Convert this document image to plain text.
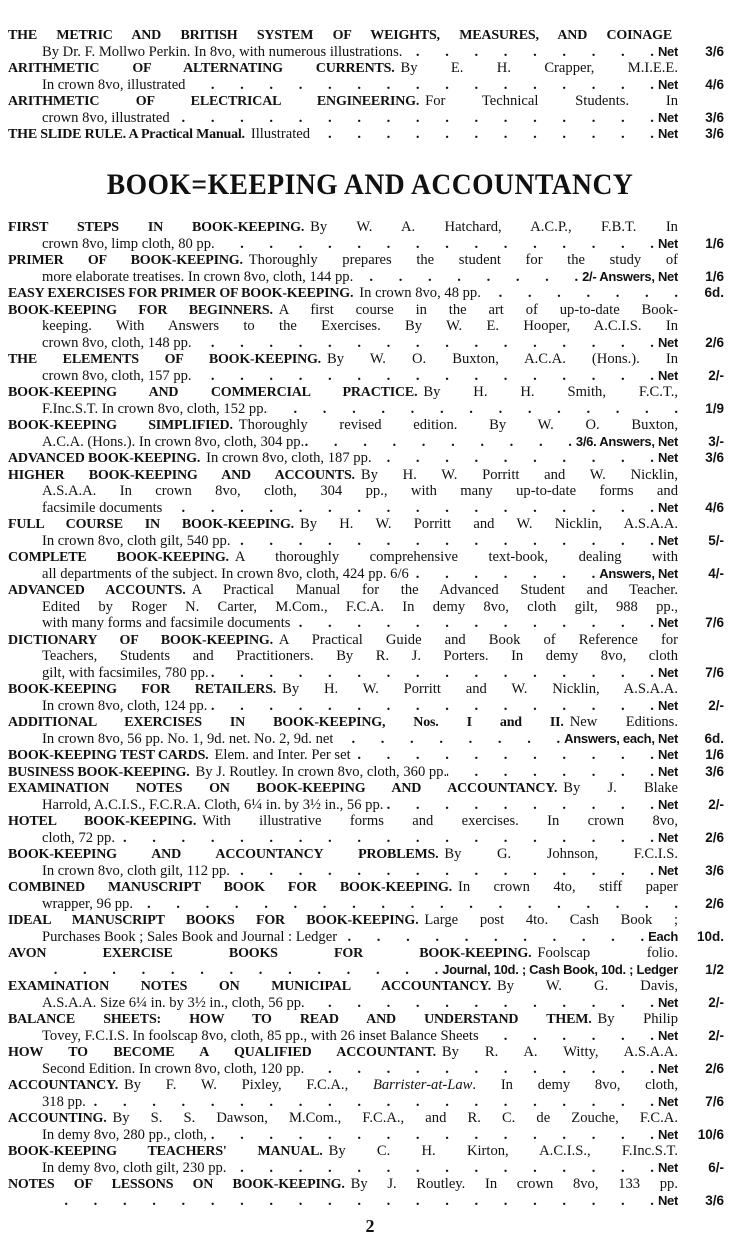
THE METRIC AND BRITISH SYSTEM OF WEIGHTS, MEASURES, AND COINAGE
By Dr. F. Mollwo Perkin. In 8vo, with numerous illustrations. . . .	Net	3/6
ARITHMETIC OF ALTERNATING CURRENTS. By E. H. Crapper, M.I.E.E.
In crown 8vo, illustrated . . .	Net	4/6
ARITHMETIC OF ELECTRICAL ENGINEERING. For Technical Students. In
crown 8vo, illustrated . . .	Net	3/6
THE SLIDE RULE. A Practical Manual. Illustrated . . .	Net	3/6
BOOK=KEEPING AND ACCOUNTANCY
FIRST STEPS IN BOOK-KEEPING. By W. A. Hatchard, A.C.P., F.B.T. In
crown 8vo, limp cloth, 80 pp. . . .	Net	1/6
PRIMER OF BOOK-KEEPING. Thoroughly prepares the student for the study of
more elaborate treatises. In crown 8vo, cloth, 144 pp. . . .	2/- Answers, Net	1/6
EASY EXERCISES FOR PRIMER OF BOOK-KEEPING. In crown 8vo, 48 pp. . . .	6d.
BOOK-KEEPING FOR BEGINNERS. A first course in the art of up-to-date Book-
keeping. With Answers to the Exercises. By W. E. Hooper, A.C.I.S. In
crown 8vo, cloth, 148 pp. . . .	Net	2/6
THE ELEMENTS OF BOOK-KEEPING. By W. O. Buxton, A.C.A. (Hons.). In
crown 8vo, cloth, 157 pp. . . .	Net	2/-
BOOK-KEEPING AND COMMERCIAL PRACTICE. By H. H. Smith, F.C.T.,
F.Inc.S.T. In crown 8vo, cloth, 152 pp. . . .	1/9
BOOK-KEEPING SIMPLIFIED. Thoroughly revised edition. By W. O. Buxton,
A.C.A. (Hons.). In crown 8vo, cloth, 304 pp. . . .	3/6. Answers, Net	3/-
ADVANCED BOOK-KEEPING. In crown 8vo, cloth, 187 pp. . . .	Net	3/6
HIGHER BOOK-KEEPING AND ACCOUNTS. By H. W. Porritt and W. Nicklin,
A.S.A.A. In crown 8vo, cloth, 304 pp., with many up-to-date forms and
facsimile documents . . .	Net	4/6
FULL COURSE IN BOOK-KEEPING. By H. W. Porritt and W. Nicklin, A.S.A.A.
In crown 8vo, cloth gilt, 540 pp. . . .	Net	5/-
COMPLETE BOOK-KEEPING. A thoroughly comprehensive text-book, dealing with
all departments of the subject. In crown 8vo, cloth, 424 pp. 6/6 . . .	Answers, Net	4/-
ADVANCED ACCOUNTS. A Practical Manual for the Advanced Student and Teacher.
Edited by Roger N. Carter, M.Com., F.C.A. In demy 8vo, cloth gilt, 988 pp.,
with many forms and facsimile documents . . .	Net	7/6
DICTIONARY OF BOOK-KEEPING. A Practical Guide and Book of Reference for
Teachers, Students and Practitioners. By R. J. Porters. In demy 8vo, cloth
gilt, with facsimiles, 780 pp. . . .	Net	7/6
BOOK-KEEPING FOR RETAILERS. By H. W. Porritt and W. Nicklin, A.S.A.A.
In crown 8vo, cloth, 124 pp. . . .	Net	2/-
ADDITIONAL EXERCISES IN BOOK-KEEPING, Nos. I and II. New Editions.
In crown 8vo, 56 pp. No. 1, 9d. net. No. 2, 9d. net . . .	Answers, each, Net	6d.
BOOK-KEEPING TEST CARDS. Elem. and Inter. Per set . . .	Net	1/6
BUSINESS BOOK-KEEPING. By J. Routley. In crown 8vo, cloth, 360 pp. . . .	Net	3/6
EXAMINATION NOTES ON BOOK-KEEPING AND ACCOUNTANCY. By J. Blake
Harrold, A.C.I.S., F.C.R.A. Cloth, 6¼ in. by 3½ in., 56 pp. . . .	Net	2/-
HOTEL BOOK-KEEPING. With illustrative forms and exercises. In crown 8vo,
cloth, 72 pp. . . .	Net	2/6
BOOK-KEEPING AND ACCOUNTANCY PROBLEMS. By G. Johnson, F.C.I.S.
In crown 8vo, cloth gilt, 112 pp. . . .	Net	3/6
COMBINED MANUSCRIPT BOOK FOR BOOK-KEEPING. In crown 4to, stiff paper
wrapper, 96 pp. . . .	2/6
IDEAL MANUSCRIPT BOOKS FOR BOOK-KEEPING. Large post 4to. Cash Book ;
Purchases Book ; Sales Book and Journal : Ledger . . .	Each	10d.
AVON EXERCISE BOOKS FOR BOOK-KEEPING. Foolscap folio.
. . .
Journal, 10d. ; Cash Book, 10d. ; Ledger	1/2
EXAMINATION NOTES ON MUNICIPAL ACCOUNTANCY. By W. G. Davis,
A.S.A.A. Size 6¼ in. by 3½ in., cloth, 56 pp. . . .	Net	2/-
BALANCE SHEETS: HOW TO READ AND UNDERSTAND THEM. By Philip
Tovey, F.C.I.S. In foolscap 8vo, cloth, 85 pp., with 26 inset Balance Sheets . . .	Net	2/-
HOW TO BECOME A QUALIFIED ACCOUNTANT. By R. A. Witty, A.S.A.A.
Second Edition. In crown 8vo, cloth, 120 pp. . . .	Net	2/6
ACCOUNTANCY. By F. W. Pixley, F.C.A., Barrister-at-Law. In demy 8vo, cloth,
318 pp. . . .	Net	7/6
ACCOUNTING. By S. S. Dawson, M.Com., F.C.A., and R. C. de Zouche, F.C.A.
In demy 8vo, 280 pp., cloth, . . .	Net	10/6
BOOK-KEEPING TEACHERS' MANUAL. By C. H. Kirton, A.C.I.S., F.Inc.S.T.
In demy 8vo, cloth gilt, 230 pp. . . .	Net	6/-
NOTES OF LESSONS ON BOOK-KEEPING. By J. Routley. In crown 8vo, 133 pp.
. . .
Net	3/6
2
